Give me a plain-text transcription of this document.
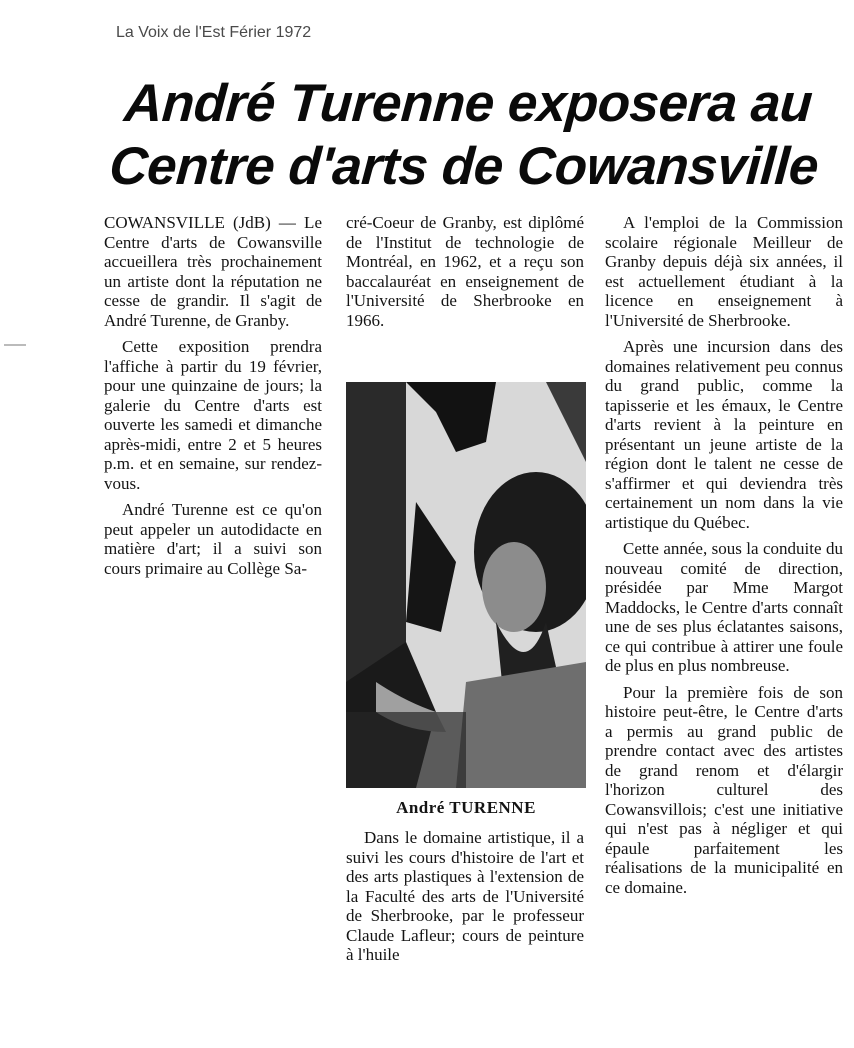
La Voix de l'Est Férier 1972
André Turenne exposera au
Centre d'arts de Cowansville

COWANSVILLE (JdB) — Le Centre d'arts de Cowansville accueillera très prochainement un artiste dont la réputation ne cesse de grandir. Il s'agit de André Turenne, de Granby.

Cette exposition prendra l'affiche à partir du 19 février, pour une quinzaine de jours; la galerie du Centre d'arts est ouverte les samedi et dimanche après-midi, entre 2 et 5 heures p.m. et en semaine, sur rendez-vous.

André Turenne est ce qu'on peut appeler un autodidacte en matière d'art; il a suivi son cours primaire au Collège Sa-

cré-Coeur de Granby, est diplômé de l'Institut de technologie de Montréal, en 1962, et a reçu son baccalauréat en enseignement de l'Université de Sherbrooke en 1966.

André TURENNE

Dans le domaine artistique, il a suivi les cours d'histoire de l'art et des arts plastiques à l'extension de la Faculté des arts de l'Université de Sherbrooke, par le professeur Claude Lafleur; cours de peinture à l'huile

A l'emploi de la Commission scolaire régionale Meilleur de Granby depuis déjà six années, il est actuellement étudiant à la licence en enseignement à l'Université de Sherbrooke.

Après une incursion dans des domaines relativement peu connus du grand public, comme la tapisserie et les émaux, le Centre d'arts revient à la peinture en présentant un jeune artiste de la région dont le talent ne cesse de s'affirmer et qui deviendra très certainement un nom dans la vie artistique du Québec.

Cette année, sous la conduite du nouveau comité de direction, présidée par Mme Margot Maddocks, le Centre d'arts connaît une de ses plus éclatantes saisons, ce qui contribue à attirer une foule de plus en plus nombreuse.

Pour la première fois de son histoire peut-être, le Centre d'arts a permis au grand public de prendre contact avec des artistes de grand renom et d'élargir l'horizon culturel des Cowansvillois; c'est une initiative qui n'est pas à négliger et qui épaule parfaitement les réalisations de la municipalité en ce domaine.
